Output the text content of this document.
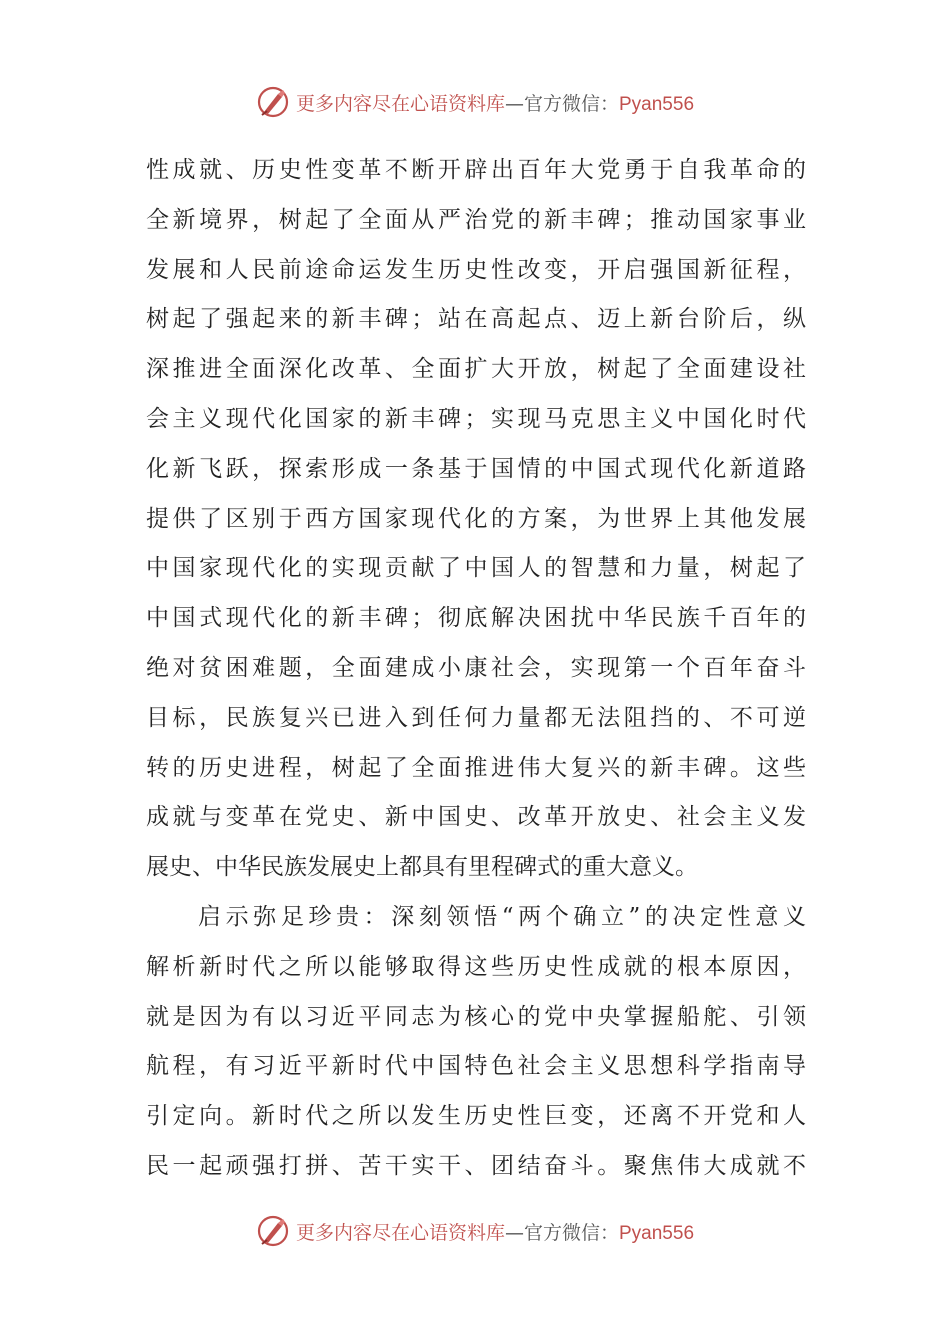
更多内容尽在心语资料库—官方微信：Pyan556
性成就、历史性变革不断开辟出百年大党勇于自我革命的
全新境界，树起了全面从严治党的新丰碑；推动国家事业
发展和人民前途命运发生历史性改变，开启强国新征程，
树起了强起来的新丰碑；站在高起点、迈上新台阶后，纵
深推进全面深化改革、全面扩大开放，树起了全面建设社
会主义现代化国家的新丰碑；实现马克思主义中国化时代
化新飞跃，探索形成一条基于国情的中国式现代化新道路
提供了区别于西方国家现代化的方案，为世界上其他发展
中国家现代化的实现贡献了中国人的智慧和力量，树起了
中国式现代化的新丰碑；彻底解决困扰中华民族千百年的
绝对贫困难题，全面建成小康社会，实现第一个百年奋斗
目标，民族复兴已进入到任何力量都无法阻挡的、不可逆
转的历史进程，树起了全面推进伟大复兴的新丰碑。这些
成就与变革在党史、新中国史、改革开放史、社会主义发
展史、中华民族发展史上都具有里程碑式的重大意义。
启示弥足珍贵：深刻领悟“两个确立”的决定性意义
解析新时代之所以能够取得这些历史性成就的根本原因，
就是因为有以习近平同志为核心的党中央掌握船舵、引领
航程，有习近平新时代中国特色社会主义思想科学指南导
引定向。新时代之所以发生历史性巨变，还离不开党和人
民一起顽强打拼、苦干实干、团结奋斗。聚焦伟大成就不
更多内容尽在心语资料库—官方微信：Pyan556
